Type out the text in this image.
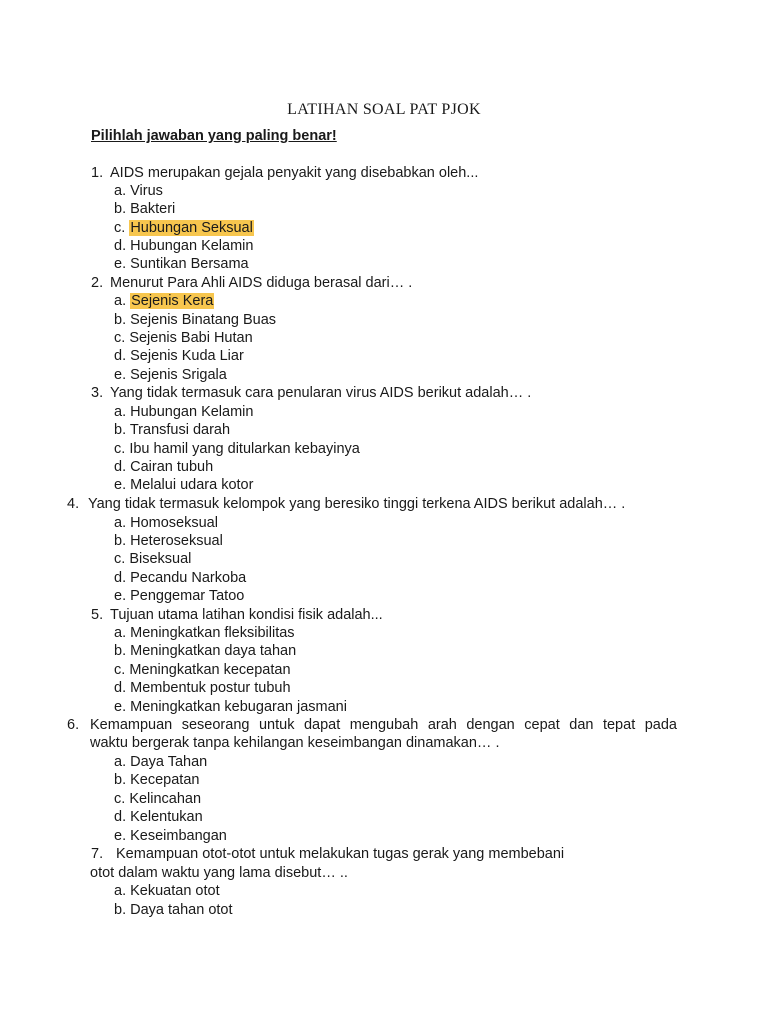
LATIHAN SOAL PAT PJOK
Pilihlah jawaban yang paling benar!
1. AIDS merupakan gejala penyakit yang disebabkan oleh...
a. Virus
b. Bakteri
c. Hubungan Seksual
d. Hubungan Kelamin
e. Suntikan Bersama
2. Menurut Para Ahli AIDS diduga berasal dari… .
a. Sejenis Kera
b. Sejenis Binatang Buas
c. Sejenis Babi Hutan
d. Sejenis Kuda Liar
e. Sejenis Srigala
3. Yang tidak termasuk cara penularan virus AIDS berikut adalah… .
a. Hubungan Kelamin
b. Transfusi darah
c. Ibu hamil yang ditularkan kebayinya
d. Cairan tubuh
e. Melalui udara kotor
4. Yang tidak termasuk kelompok yang beresiko tinggi terkena AIDS berikut adalah… .
a. Homoseksual
b. Heteroseksual
c. Biseksual
d. Pecandu Narkoba
e. Penggemar Tatoo
5. Tujuan utama latihan kondisi fisik adalah...
a. Meningkatkan fleksibilitas
b. Meningkatkan daya tahan
c. Meningkatkan kecepatan
d. Membentuk postur tubuh
e. Meningkatkan kebugaran jasmani
6. Kemampuan seseorang untuk dapat mengubah arah dengan cepat dan tepat pada
waktu bergerak tanpa kehilangan keseimbangan dinamakan… .
a. Daya Tahan
b. Kecepatan
c. Kelincahan
d. Kelentukan
e. Keseimbangan
7. Kemampuan otot-otot untuk melakukan tugas gerak yang membebani
otot dalam waktu yang lama disebut… ..
a. Kekuatan otot
b. Daya tahan otot
